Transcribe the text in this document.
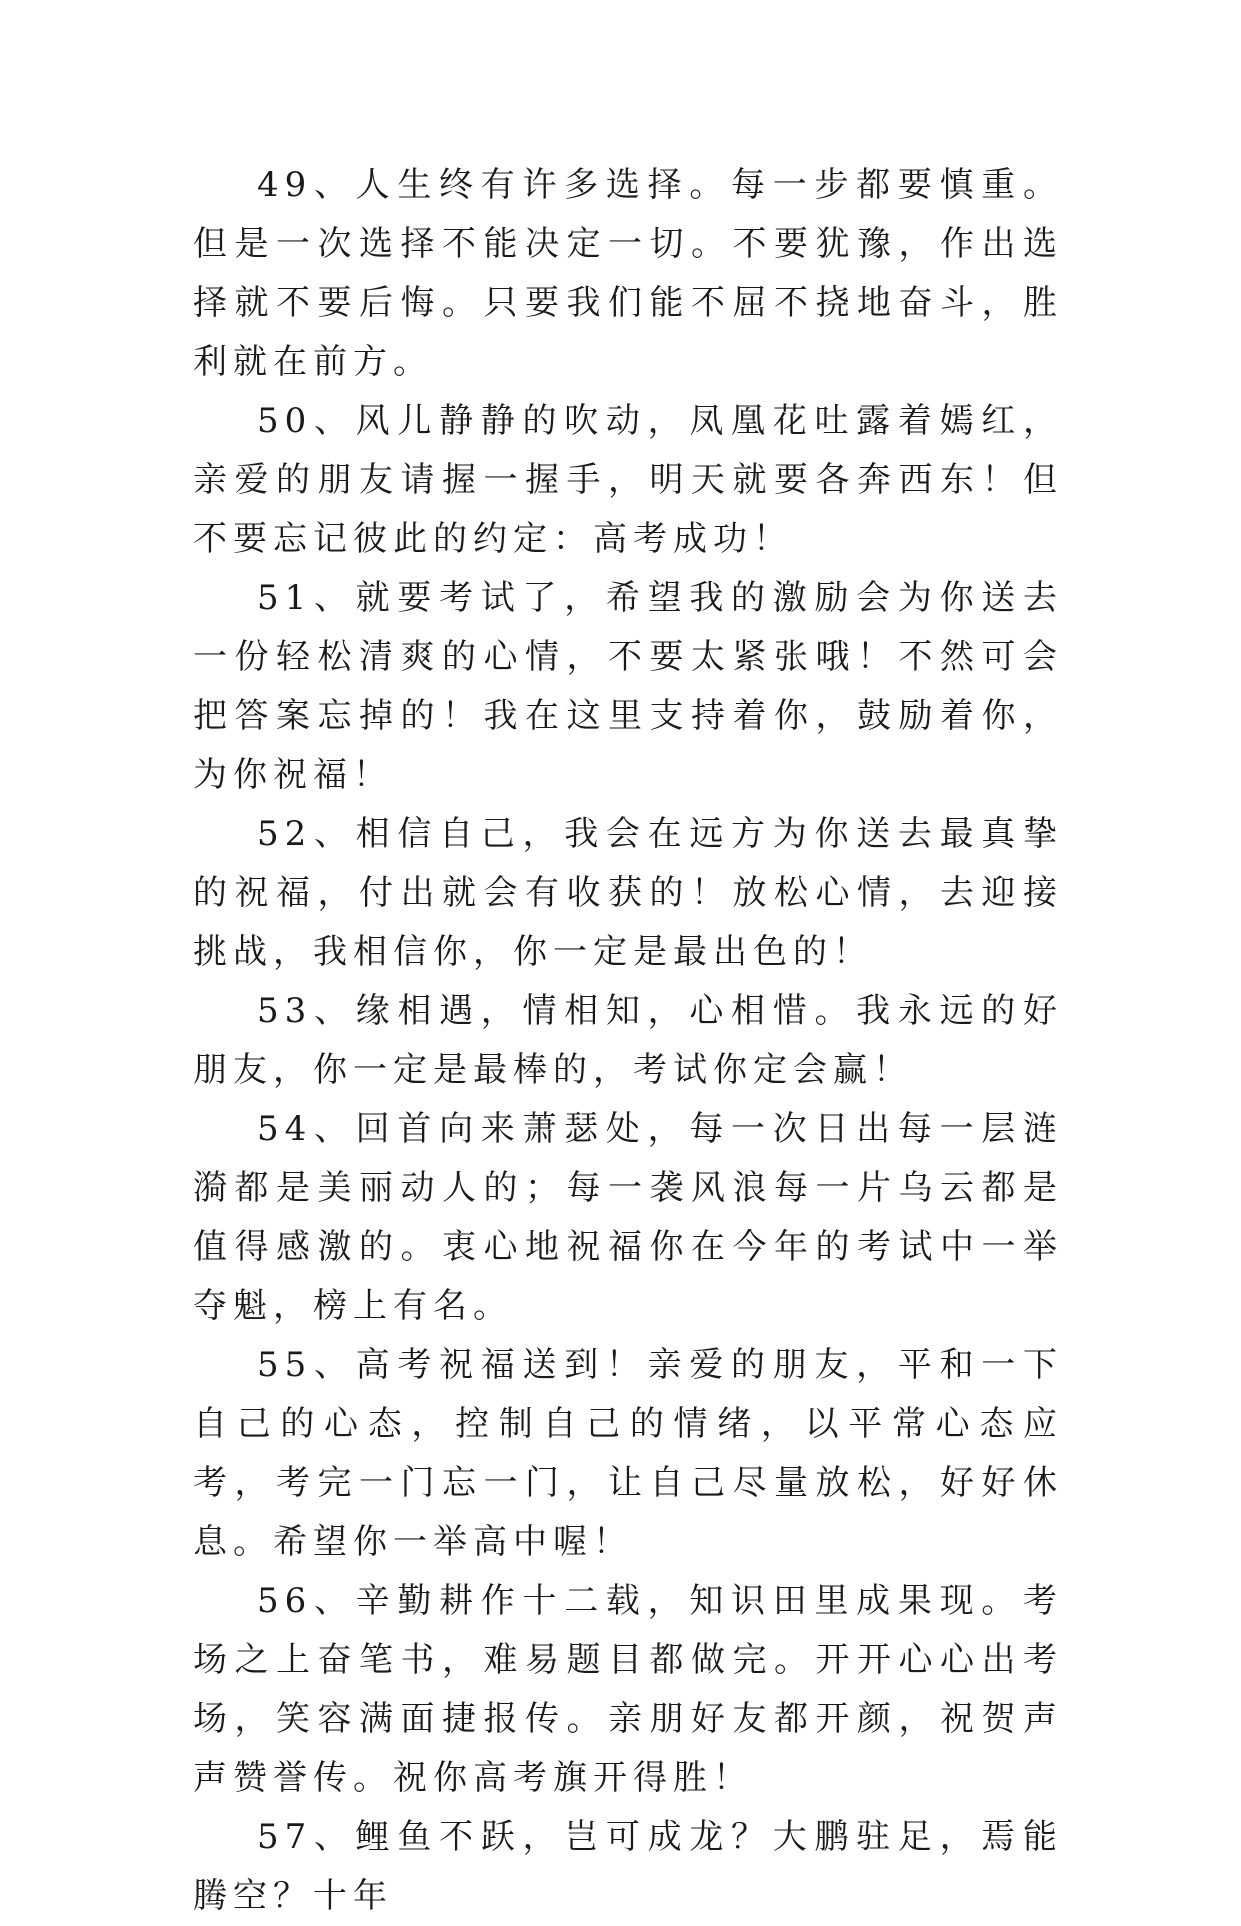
49、人生终有许多选择。每一步都要慎重。但是一次选择不能决定一切。不要犹豫，作出选择就不要后悔。只要我们能不屈不挠地奋斗，胜利就在前方。

50、风儿静静的吹动，凤凰花吐露着嫣红，亲爱的朋友请握一握手，明天就要各奔西东！但不要忘记彼此的约定：高考成功！

51、就要考试了，希望我的激励会为你送去一份轻松清爽的心情，不要太紧张哦！不然可会把答案忘掉的！我在这里支持着你，鼓励着你，为你祝福！

52、相信自己，我会在远方为你送去最真挚的祝福，付出就会有收获的！放松心情，去迎接挑战，我相信你，你一定是最出色的！

53、缘相遇，情相知，心相惜。我永远的好朋友，你一定是最棒的，考试你定会赢！

54、回首向来萧瑟处，每一次日出每一层涟漪都是美丽动人的；每一袭风浪每一片乌云都是值得感激的。衷心地祝福你在今年的考试中一举夺魁，榜上有名。

55、高考祝福送到！亲爱的朋友，平和一下自己的心态，控制自己的情绪，以平常心态应考，考完一门忘一门，让自己尽量放松，好好休息。希望你一举高中喔！

56、辛勤耕作十二载，知识田里成果现。考场之上奋笔书，难易题目都做完。开开心心出考场，笑容满面捷报传。亲朋好友都开颜，祝贺声声赞誉传。祝你高考旗开得胜！

57、鲤鱼不跃，岂可成龙？大鹏驻足，焉能腾空？十年
